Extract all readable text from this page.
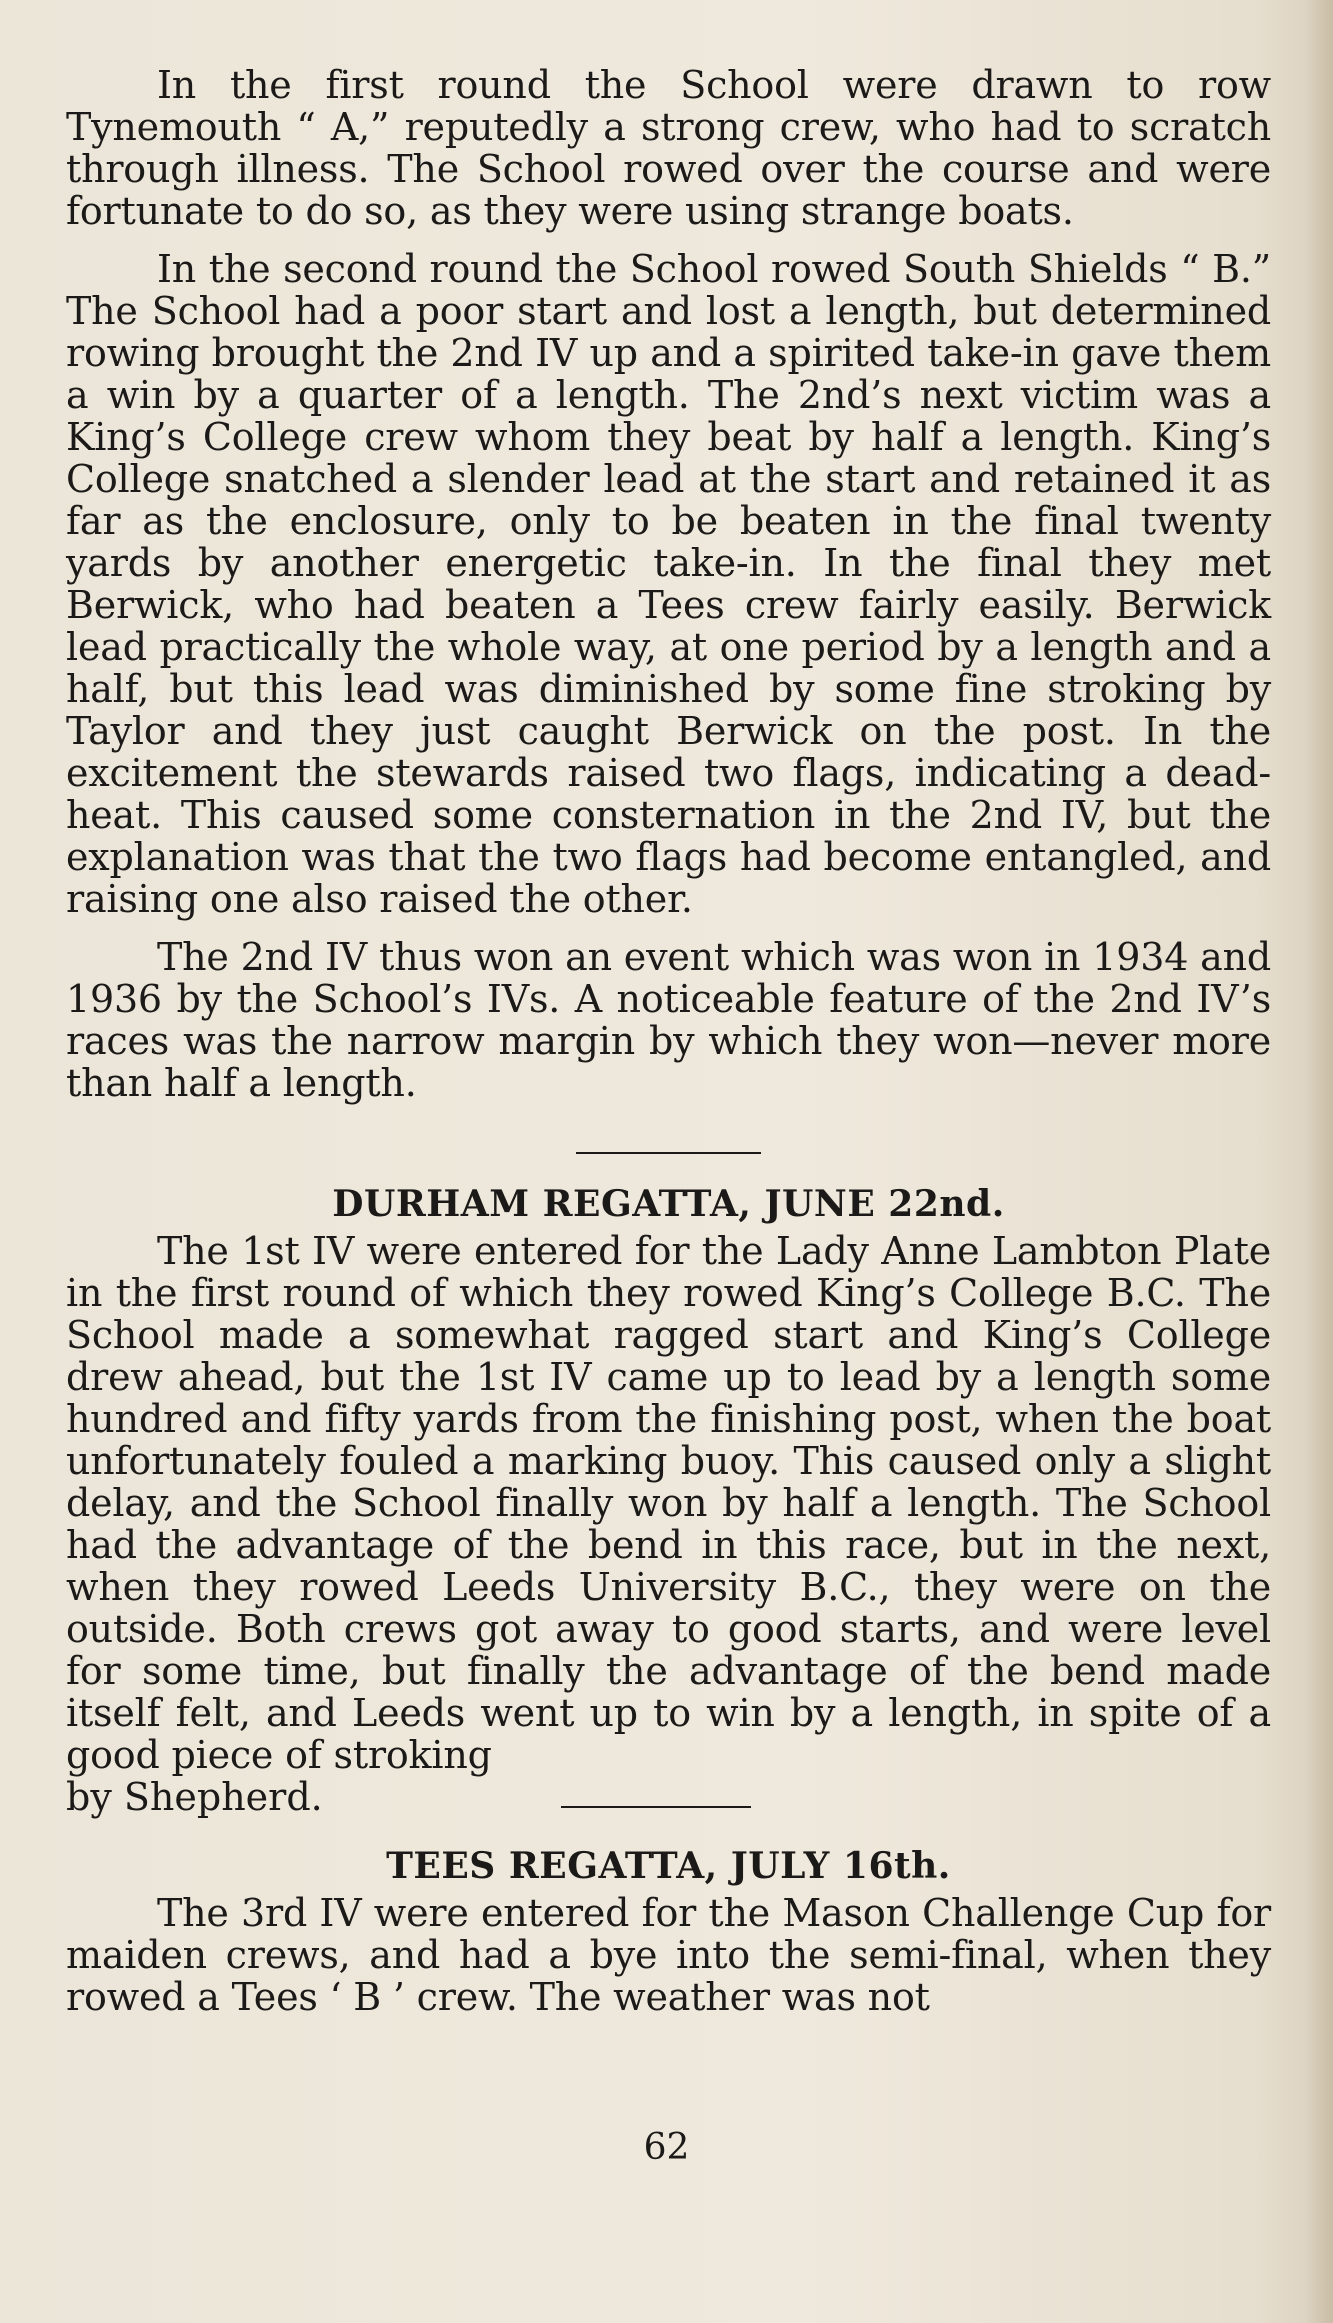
In the first round the School were drawn to row Tynemouth “ A,” reputedly a strong crew, who had to scratch through illness. The School rowed over the course and were fortunate to do so, as they were using strange boats.

In the second round the School rowed South Shields “ B.” The School had a poor start and lost a length, but determined rowing brought the 2nd IV up and a spirited take-in gave them a win by a quarter of a length. The 2nd’s next victim was a King’s College crew whom they beat by half a length. King’s College snatched a slender lead at the start and retained it as far as the enclosure, only to be beaten in the final twenty yards by another energetic take-in. In the final they met Berwick, who had beaten a Tees crew fairly easily. Berwick lead practically the whole way, at one period by a length and a half, but this lead was diminished by some fine stroking by Taylor and they just caught Berwick on the post. In the excitement the stewards raised two flags, indicating a dead-heat. This caused some consternation in the 2nd IV, but the explanation was that the two flags had become entangled, and raising one also raised the other.

The 2nd IV thus won an event which was won in 1934 and 1936 by the School’s IVs. A noticeable feature of the 2nd IV’s races was the narrow margin by which they won—never more than half a length.

DURHAM REGATTA, JUNE 22nd.

The 1st IV were entered for the Lady Anne Lambton Plate in the first round of which they rowed King’s College B.C. The School made a somewhat ragged start and King’s College drew ahead, but the 1st IV came up to lead by a length some hundred and fifty yards from the finishing post, when the boat unfortunately fouled a marking buoy. This caused only a slight delay, and the School finally won by half a length. The School had the advantage of the bend in this race, but in the next, when they rowed Leeds University B.C., they were on the outside. Both crews got away to good starts, and were level for some time, but finally the advantage of the bend made itself felt, and Leeds went up to win by a length, in spite of a good piece of stroking

by Shepherd.
TEES REGATTA, JULY 16th.

The 3rd IV were entered for the Mason Challenge Cup for maiden crews, and had a bye into the semi-final, when they rowed a Tees ‘ B ’ crew. The weather was not

62
